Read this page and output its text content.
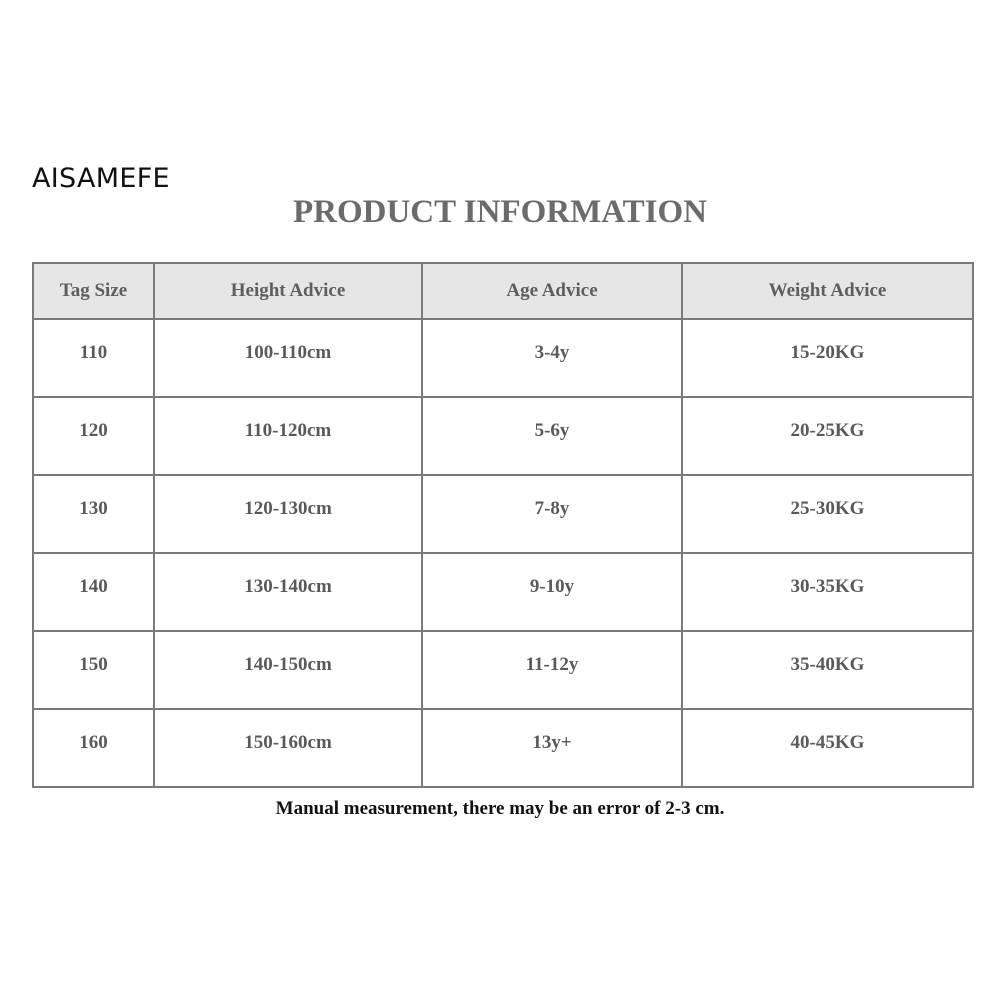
AISAMEFE
PRODUCT INFORMATION
Tag Size	Height Advice	Age Advice	Weight Advice
110	100-110cm	3-4y	15-20KG
120	110-120cm	5-6y	20-25KG
130	120-130cm	7-8y	25-30KG
140	130-140cm	9-10y	30-35KG
150	140-150cm	11-12y	35-40KG
160	150-160cm	13y+	40-45KG
Manual measurement, there may be an error of 2-3 cm.
